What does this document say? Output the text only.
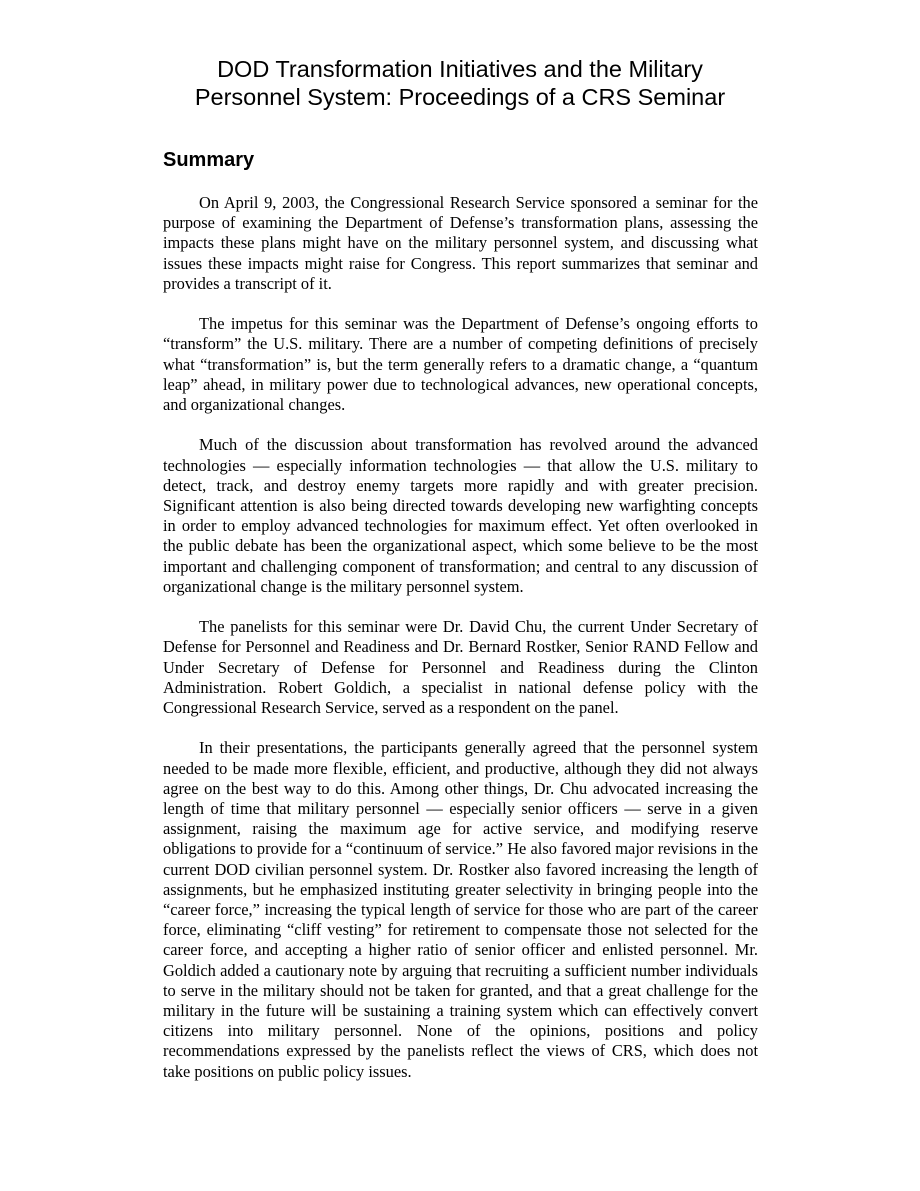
DOD Transformation Initiatives and the Military
Personnel System: Proceedings of a CRS Seminar
Summary

On April 9, 2003, the Congressional Research Service sponsored a seminar for the purpose of examining the Department of Defense’s transformation plans, assessing the impacts these plans might have on the military personnel system, and discussing what issues these impacts might raise for Congress. This report summarizes that seminar and provides a transcript of it.

The impetus for this seminar was the Department of Defense’s ongoing efforts to “transform” the U.S. military. There are a number of competing definitions of precisely what “transformation” is, but the term generally refers to a dramatic change, a “quantum leap” ahead, in military power due to technological advances, new operational concepts, and organizational changes.

Much of the discussion about transformation has revolved around the advanced technologies — especially information technologies — that allow the U.S. military to detect, track, and destroy enemy targets more rapidly and with greater precision. Significant attention is also being directed towards developing new warfighting concepts in order to employ advanced technologies for maximum effect. Yet often overlooked in the public debate has been the organizational aspect, which some believe to be the most important and challenging component of transformation; and central to any discussion of organizational change is the military personnel system.

The panelists for this seminar were Dr. David Chu, the current Under Secretary of Defense for Personnel and Readiness and Dr. Bernard Rostker, Senior RAND Fellow and Under Secretary of Defense for Personnel and Readiness during the Clinton Administration. Robert Goldich, a specialist in national defense policy with the Congressional Research Service, served as a respondent on the panel.

In their presentations, the participants generally agreed that the personnel system needed to be made more flexible, efficient, and productive, although they did not always agree on the best way to do this. Among other things, Dr. Chu advocated increasing the length of time that military personnel — especially senior officers — serve in a given assignment, raising the maximum age for active service, and modifying reserve obligations to provide for a “continuum of service.” He also favored major revisions in the current DOD civilian personnel system. Dr. Rostker also favored increasing the length of assignments, but he emphasized instituting greater selectivity in bringing people into the “career force,” increasing the typical length of service for those who are part of the career force, eliminating “cliff vesting” for retirement to compensate those not selected for the career force, and accepting a higher ratio of senior officer and enlisted personnel. Mr. Goldich added a cautionary note by arguing that recruiting a sufficient number individuals to serve in the military should not be taken for granted, and that a great challenge for the military in the future will be sustaining a training system which can effectively convert citizens into military personnel. None of the opinions, positions and policy recommendations expressed by the panelists reflect the views of CRS, which does not take positions on public policy issues.
